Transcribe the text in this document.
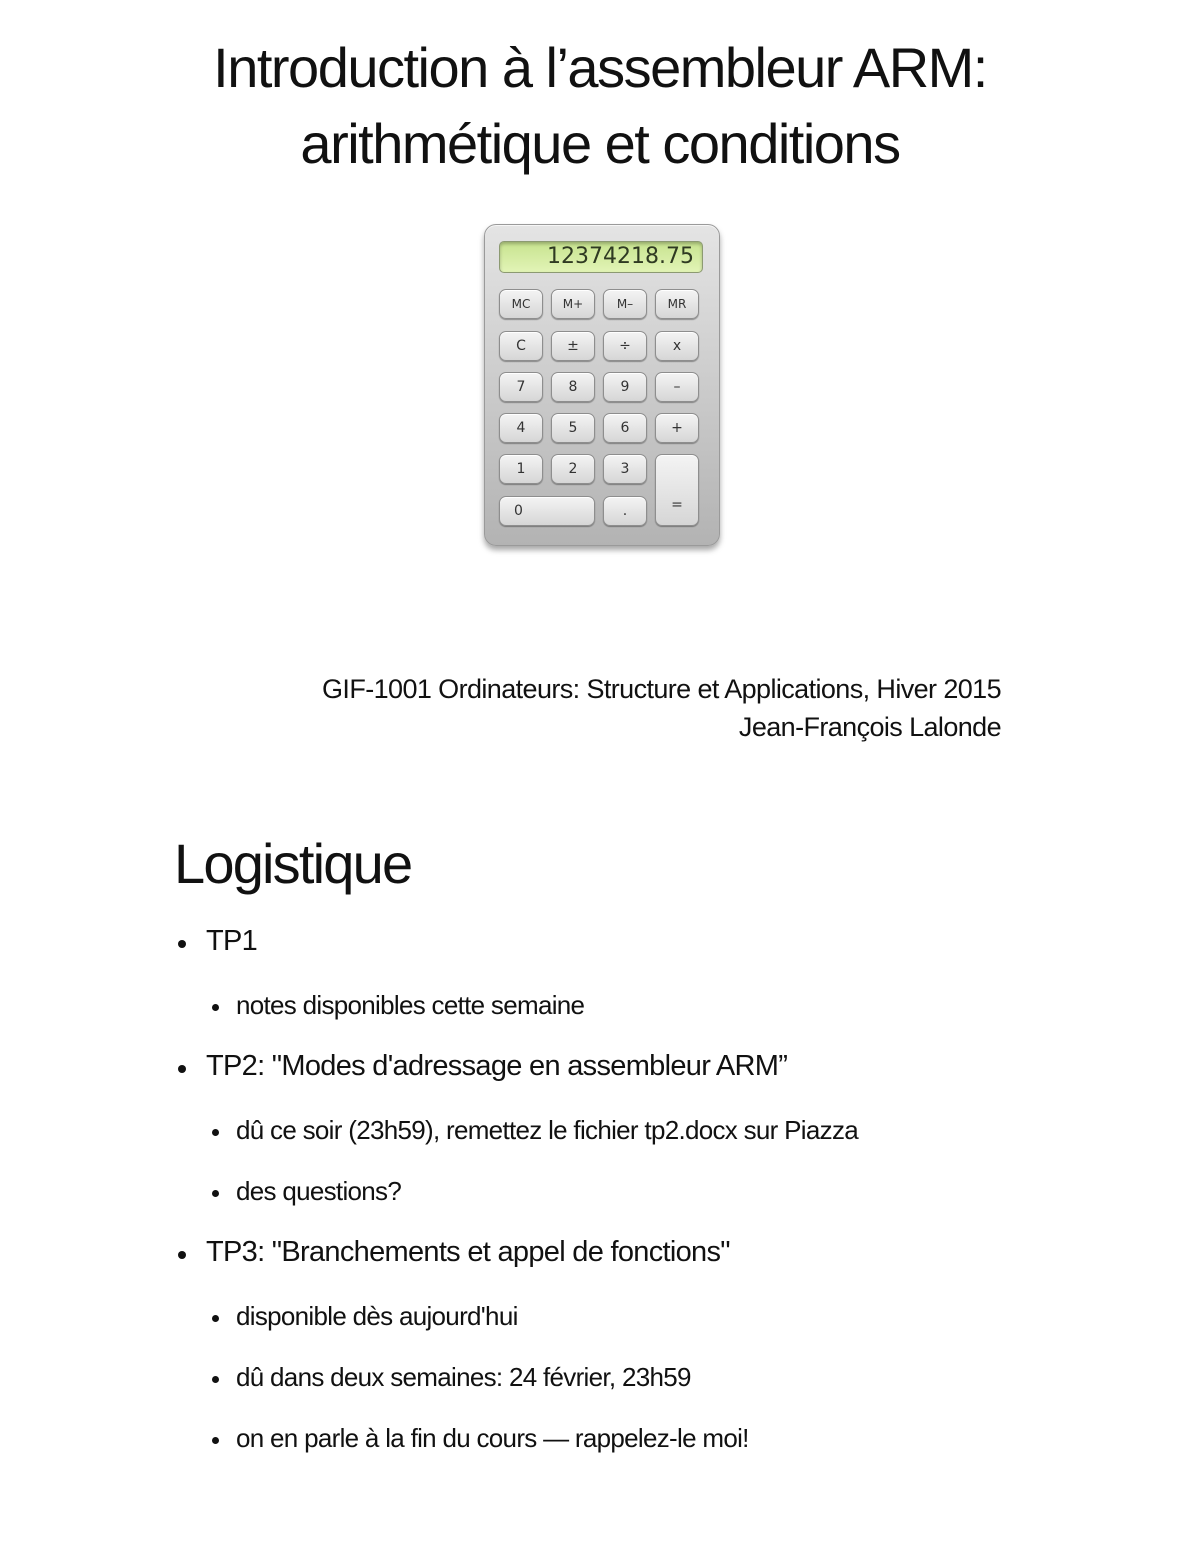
Introduction à l’assembleur ARM:
arithmétique et conditions
12374218.75
MC	M+	M–	MR
C	±	÷	x
7	8	9	–
4	5	6	+
1	2	3
=
0	.
GIF-1001 Ordinateurs: Structure et Applications, Hiver 2015
Jean-François Lalonde
Logistique
TP1
notes disponibles cette semaine
TP2: "Modes d'adressage en assembleur ARM”
dû ce soir (23h59), remettez le fichier tp2.docx sur Piazza
des questions?
TP3: "Branchements et appel de fonctions"
disponible dès aujourd'hui
dû dans deux semaines: 24 février, 23h59
on en parle à la fin du cours — rappelez-le moi!
